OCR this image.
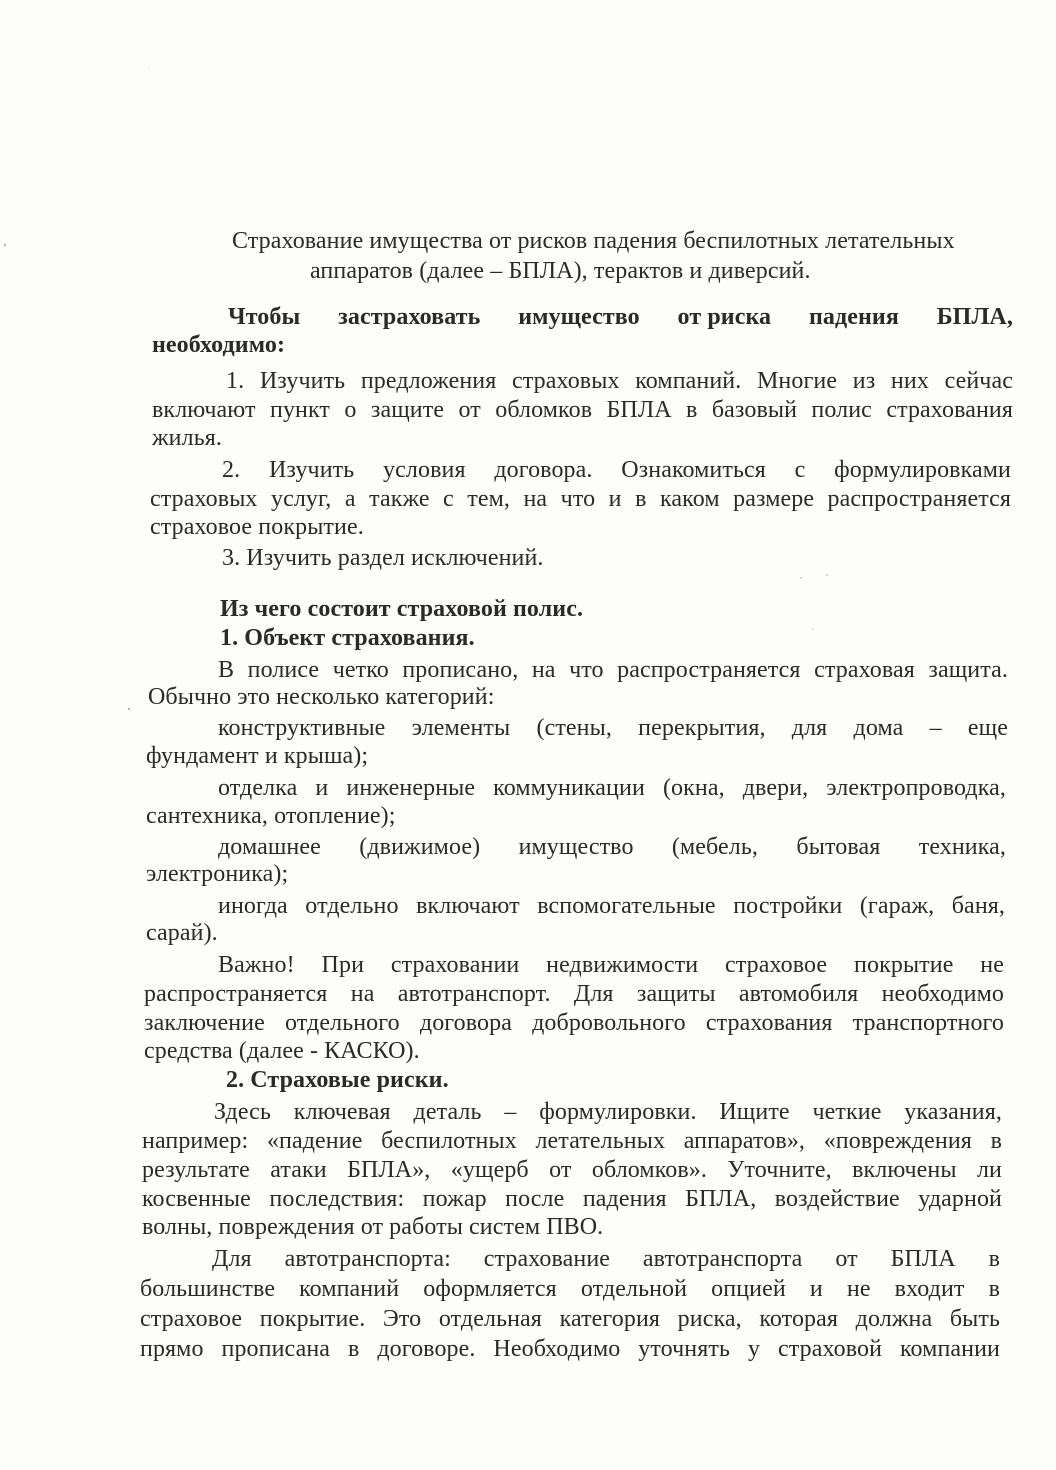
Страхование имущества от рисков падения беспилотных летательных
аппаратов (далее – БПЛА), терактов и диверсий.
Чтобы застраховать имущество от риска падения БПЛА,
необходимо:
1. Изучить предложения страховых компаний. Многие из них сейчас
включают пункт о защите от обломков БПЛА в базовый полис страхования
жилья.
2. Изучить условия договора. Ознакомиться с формулировками
страховых услуг, а также с тем, на что и в каком размере распространяется
страховое покрытие.
3. Изучить раздел исключений.
Из чего состоит страховой полис.
1. Объект страхования.
В полисе четко прописано, на что распространяется страховая защита.
Обычно это несколько категорий:
конструктивные элементы (стены, перекрытия, для дома – еще
фундамент и крыша);
отделка и инженерные коммуникации (окна, двери, электропроводка,
сантехника, отопление);
домашнее (движимое) имущество (мебель, бытовая техника,
электроника);
иногда отдельно включают вспомогательные постройки (гараж, баня,
сарай).
Важно! При страховании недвижимости страховое покрытие не
распространяется на автотранспорт. Для защиты автомобиля необходимо
заключение отдельного договора добровольного страхования транспортного
средства (далее - КАСКО).
2. Страховые риски.
Здесь ключевая деталь – формулировки. Ищите четкие указания,
например: «падение беспилотных летательных аппаратов», «повреждения в
результате атаки БПЛА», «ущерб от обломков». Уточните, включены ли
косвенные последствия: пожар после падения БПЛА, воздействие ударной
волны, повреждения от работы систем ПВО.
Для автотранспорта: страхование автотранспорта от БПЛА в
большинстве компаний оформляется отдельной опцией и не входит в
страховое покрытие. Это отдельная категория риска, которая должна быть
прямо прописана в договоре. Необходимо уточнять у страховой компании
